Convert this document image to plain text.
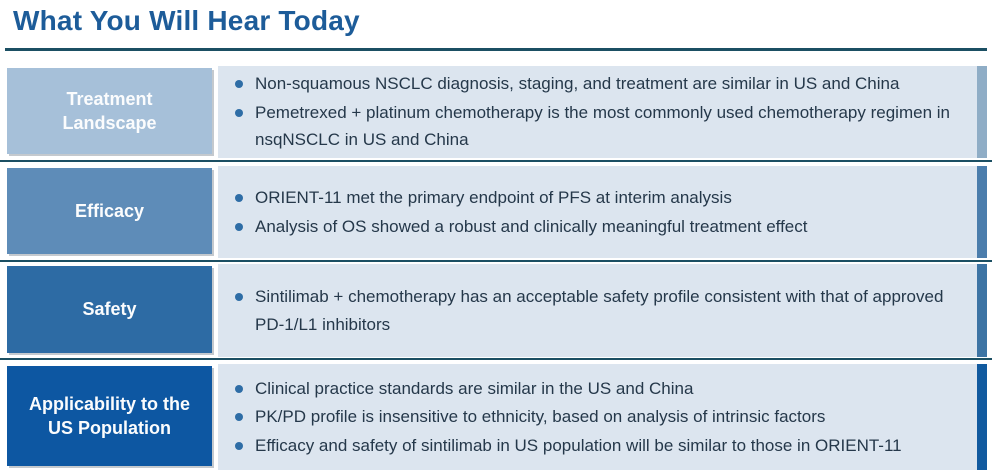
What You Will Hear Today
Treatment Landscape
Non-squamous NSCLC diagnosis, staging, and treatment are similar in US and China
Pemetrexed + platinum chemotherapy is the most commonly used chemotherapy regimen in nsqNSCLC in US and China
Efficacy
ORIENT-11 met the primary endpoint of PFS at interim analysis
Analysis of OS showed a robust and clinically meaningful treatment effect
Safety
Sintilimab + chemotherapy has an acceptable safety profile consistent with that of approved PD-1/L1 inhibitors
Applicability to the US Population
Clinical practice standards are similar in the US and China
PK/PD profile is insensitive to ethnicity, based on analysis of intrinsic factors
Efficacy and safety of sintilimab in US population will be similar to those in ORIENT-11
